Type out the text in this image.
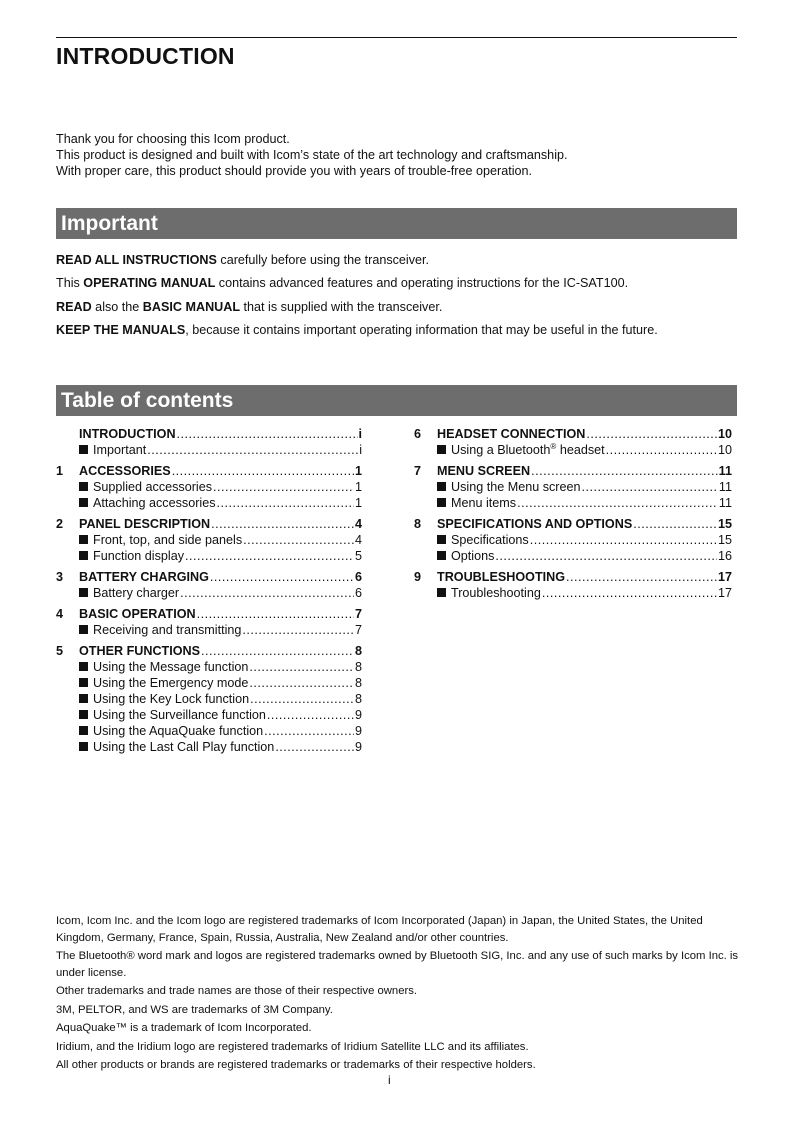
INTRODUCTION
Thank you for choosing this Icom product.
This product is designed and built with Icom’s state of the art technology and craftsmanship.
With proper care, this product should provide you with years of trouble-free operation.
Important
READ ALL INSTRUCTIONS carefully before using the transceiver.
This OPERATING MANUAL contains advanced features and operating instructions for the IC-SAT100.
READ also the BASIC MANUAL that is supplied with the transceiver.
KEEP THE MANUALS, because it contains important operating information that may be useful in the future.
Table of contents
INTRODUCTION .....	i
Important .....	i
1	ACCESSORIES .....	1
Supplied accessories .....	1
Attaching accessories .....	1
2	PANEL DESCRIPTION .....	4
Front, top, and side panels .....	4
Function display .....	5
3	BATTERY CHARGING .....	6
Battery charger .....	6
4	BASIC OPERATION .....	7
Receiving and transmitting .....	7
5	OTHER FUNCTIONS .....	8
Using the Message function .....	8
Using the Emergency mode .....	8
Using the Key Lock function .....	8
Using the Surveillance function .....	9
Using the AquaQuake function .....	9
Using the Last Call Play function .....	9
6	HEADSET CONNECTION .....	10
Using a Bluetooth® headset .....	10
7	MENU SCREEN .....	11
Using the Menu screen .....	11
Menu items .....	11
8	SPECIFICATIONS AND OPTIONS .....	15
Specifications .....	15
Options .....	16
9	TROUBLESHOOTING .....	17
Troubleshooting .....	17

Icom, Icom Inc. and the Icom logo are registered trademarks of Icom Incorporated (Japan) in Japan, the United States, the United Kingdom, Germany, France, Spain, Russia, Australia, New Zealand and/or other countries.

The Bluetooth® word mark and logos are registered trademarks owned by Bluetooth SIG, Inc. and any use of such marks by Icom Inc. is under license.

Other trademarks and trade names are those of their respective owners.

3M, PELTOR, and WS are trademarks of 3M Company.

AquaQuake™ is a trademark of Icom Incorporated.

Iridium, and the Iridium logo are registered trademarks of Iridium Satellite LLC and its affiliates.

All other products or brands are registered trademarks or trademarks of their respective holders.

i
